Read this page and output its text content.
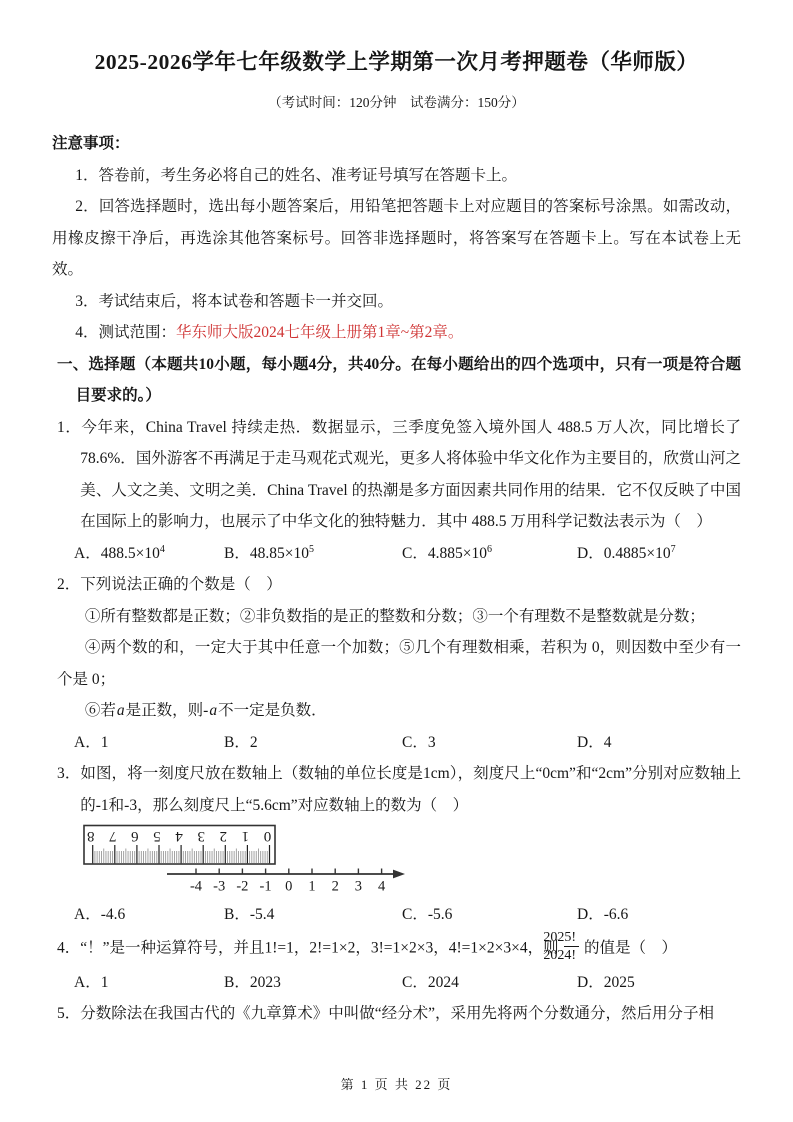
2025-2026学年七年级数学上学期第一次月考押题卷（华师版）

（考试时间：120分钟　试卷满分：150分）

注意事项：

1．答卷前，考生务必将自己的姓名、准考证号填写在答题卡上。

2．回答选择题时，选出每小题答案后，用铅笔把答题卡上对应题目的答案标号涂黑。如需改动，用橡皮擦干净后，再选涂其他答案标号。回答非选择题时，将答案写在答题卡上。写在本试卷上无效。

3．考试结束后，将本试卷和答题卡一并交回。

4．测试范围：华东师大版2024七年级上册第1章~第2章。

一、选择题（本题共10小题，每小题4分，共40分。在每小题给出的四个选项中，只有一项是符合题目要求的。）

1．今年来，China Travel 持续走热．数据显示，三季度免签入境外国人 488.5 万人次，同比增长了 78.6%．国外游客不再满足于走马观花式观光，更多人将体验中华文化作为主要目的，欣赏山河之美、人文之美、文明之美．China Travel 的热潮是多方面因素共同作用的结果．它不仅反映了中国在国际上的影响力，也展示了中华文化的独特魅力．其中 488.5 万用科学记数法表示为（　）

A．$488.5\times 10^4$	B．$48.85\times 10^5$	C．$4.885\times 10^6$	D．$0.4885\times 10^7$

2．下列说法正确的个数是（　）

①所有整数都是正数；②非负数指的是正的整数和分数；③一个有理数不是整数就是分数；

④两个数的和，一定大于其中任意一个加数；⑤几个有理数相乘，若积为 0，则因数中至少有一个是 0；

⑥若a是正数，则-a不一定是负数．

A．1	B．2	C．3	D．4

3．如图，将一刻度尺放在数轴上（数轴的单位长度是1cm），刻度尺上“0cm”和“2cm”分别对应数轴上的-1和-3，那么刻度尺上“5.6cm”对应数轴上的数为（　）

0
1
2
3
4
5
6
7
8
-4 -3 -2 -1 0 1 2 3 4
A．-4.6	B．-5.4	C．-5.6	D．-6.6

4．“！”是一种运算符号，并且1!=1，2!=1×2，3!=1×2×3，4!=1×2×3×4，则 $\frac{2025!}{2024!}$ 的值是（　）

A．1	B．2023	C．2024	D．2025

5．分数除法在我国古代的《九章算术》中叫做“经分术”，采用先将两个分数通分，然后用分子相

第 1 页 共 22 页
